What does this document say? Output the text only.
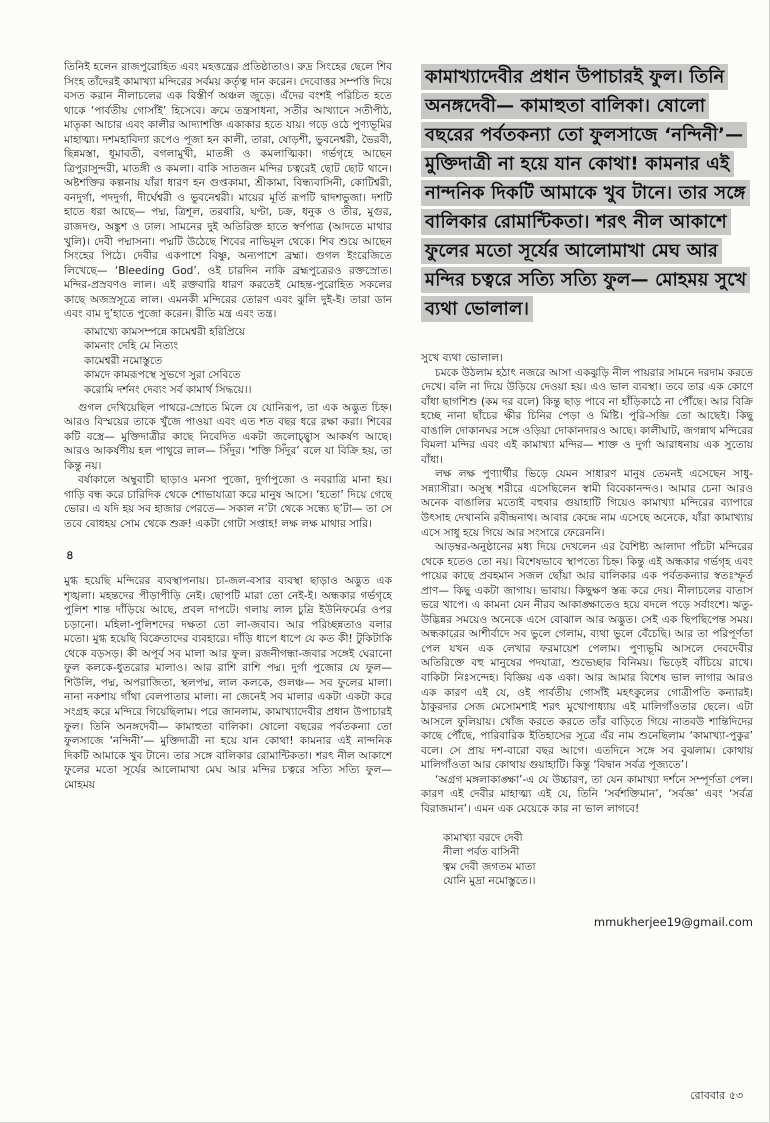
তিনিই হলেন রাজপুরোহিত এবং মহত্তন্ত্রের প্রতিষ্ঠাতাও। রুদ্র সিংহের ছেলে শিব সিংহ তাঁদেরই কামাখ্যা মন্দিরের সর্বময় কর্তৃত্ব দান করেন। দেবোত্তর সম্পত্তি দিয়ে বসত করান নীলাচলের এক বিস্তীর্ণ অঞ্চল জুড়ে। এঁদের বংশই পরিচিত হতে থাকে ‘পার্বতীয় গোসাঁই’ হিসেবে। ক্রমে তন্ত্রসাধনা, সতীর আখ্যানে সতীপীঠ, মাতৃকা আচার এবং কালীর আদ্যাশক্তি একাকার হতে যায়। গড়ে ওঠে পুণ্যভূমির মাহাত্ম্য। দশমহাবিদ্যা রূপেও পূজা হন কালী, তারা, ষোড়শী, ভুবনেশ্বরী, ভৈরবী, ছিন্নমস্তা, ধূমাবতী, বগলামুখী, মাতঙ্গী ও কমলাত্মিকা। গর্ভগৃহে আছেন ত্রিপুরাসুন্দরী, মাতঙ্গী ও কমলা। বাকি সাতজন মন্দির চত্বরেই ছোট ছোট থানে। অষ্টশক্তির কল্পনায় যাঁরা ধারণ হন গুপ্তকামা, শ্রীকামা, বিন্ধ্যবাসিনী, কোটিশ্বরী, বনদুর্গা, পদদুর্গা, দীর্ঘেশ্বরী ও ভুবনেশ্বরী। মায়ের মূর্তি রূপটি দ্বাদশভুজা। দশটি হাতে ধরা আছে— পদ্ম, ত্রিশূল, তরবারি, ঘণ্টা, চক্র, ধনুক ও তীর, মুগুর, রাজদণ্ড, অঙ্কুশ ও ঢাল। সামনের দুই অতিরিক্ত হাতে স্বর্ণপাত্র (আদতে মাথার খুলি)। দেবী পদ্মাসনা। পদ্মটি উঠেছে শিবের নাভিমূল থেকে। শিব শুয়ে আছেন সিংহের পিঠে। দেবীর একপাশে বিষ্ণু, অন্যপাশে ব্রহ্মা। গুগল ইংরেজিতে লিখেছে— ‘Bleeding God’. ওই চারদিন নাকি ব্রহ্মপুত্রেরও রক্তস্রোত। মন্দির-প্রস্রবণও লাল। এই রক্তবারি ধারণ করতেই মোহন্ত-পুরোহিত সকলের কাছে অজস্রসূত্রে লাল। এমনকী মন্দিরের তোরণ এবং ঝুলি দুই-ই। তারা ডান এবং বাম দু’হাতে পুজো করেন। রীতি মন্ত্র এবং তন্ত্র।

কামাখ্যে কামসম্পন্নে কামেশ্বরী হরিপ্রিয়ে
কামনাং দেহি মে নিত্যং
কামেশ্বরী নমোস্তুতে
কামদে কামরূপস্থে সুভগে সুরা সেবিতে
করোমি দর্শনং দেব্যং সর্ব কামার্থ সিদ্ধয়ে।।

গুগল দেখিয়েছিল পাথরে-স্রোতে মিলে যে যোনিরূপ, তা এক অদ্ভুত চিহ্ন। আরও বিস্ময়ের তাকে খুঁজে পাওয়া এবং এত শত বছর ধরে রক্ষা করা। শিবের কটি বস্ত্রে— মুক্তিদাত্রীর কাছে নিবেদিত একটা জলোচ্ছ্বাস আকর্ষণ আছে। আরও আকর্ষণীয় হল পাথুরে লাল— সিঁদুর। ‘শক্তি সিঁদুর’ বলে যা বিক্রি হয়, তা কিন্তু নয়।

বর্ষাকালে অম্বুবাচী ছাড়াও মনসা পুজো, দুর্গাপুজো ও নবরাত্রি মানা হয়। গাড়ি বন্ধ করে চারিদিক থেকে শোভাযাত্রা করে মানুষ আসে। ‘হতো’ দিয়ে গেছে ভোর। এ যদি হয় সব হাজার পেরতে— সকাল ন’টা থেকে সন্ধ্যে ছ’টা— তা সে তবে বোধহয় সোম থেকে শুক্র! একটা গোটা সপ্তাহ! লক্ষ লক্ষ মাথার সারি।

৪

মুগ্ধ হয়েছি মন্দিরের ব্যবস্থাপনায়। চা-জল-বসার ব্যবস্থা ছাড়াও অদ্ভুত এক শৃঙ্খলা। মহন্তদের পীড়াপীড়ি নেই। ছোপটি মারা তো নেই-ই। অন্ধকার গর্ভগৃহে পুলিশ শান্ত দাঁড়িয়ে আছে, প্রবল দাপটে। গলায় লাল চুন্রি ইউনিফর্মের ওপর চড়ানো। মহিলা-পুলিশদের দক্ষতা তো লা-জবাব। আর পরিচ্ছন্নতাও বলার মতো। মুগ্ধ হয়েছি বিক্রেতাদের ব্যবহারে। দাঁড়ি ধাপে ধাপে যে কত কী! টুকিটাকি থেকে বড়সড়। কী অপূর্ব সব মালা আর ফুল। রজনীগন্ধা-জবার সঙ্গেই ঘেরানো ফুল কলকে-ধুতরোর মালাও। আর রাশি রাশি পদ্ম। দুর্গা পুজোর যে ফুল— শিউলি, পদ্ম, অপরাজিতা, স্থলপদ্ম, লাল কলকে, গুলঞ্চ— সব ফুলের মালা। নানা নকশায় গাঁথা বেলপাতার মালা। না জেনেই সব মালার একটা একটা করে সংগ্রহ করে মন্দিরে গিয়েছিলাম। পরে জানলাম, কামাখ্যাদেবীর প্রধান উপাচারই ফুল। তিনি অনঙ্গদেবী— কামাহুতা বালিকা। ষোলো বছরের পর্বতকন্যা তো ফুলসাজে ‘নন্দিনী’— মুক্তিদাত্রী না হয়ে যান কোথা! কামনার এই নান্দনিক দিকটি আমাকে খুব টানে। তার সঙ্গে বালিকার রোমান্টিকতা। শরৎ নীল আকাশে ফুলের মতো সূর্যের আলোমাখা মেঘ আর মন্দির চত্বরে সত্যি সত্যি ফুল— মোহময়

কামাখ্যাদেবীর প্রধান উপাচারই ফুল। তিনি অনঙ্গদেবী— কামাহুতা বালিকা। ষোলো বছরের পর্বতকন্যা তো ফুলসাজে ‘নন্দিনী’— মুক্তিদাত্রী না হয়ে যান কোথা! কামনার এই নান্দনিক দিকটি আমাকে খুব টানে। তার সঙ্গে বালিকার রোমান্টিকতা। শরৎ নীল আকাশে ফুলের মতো সূর্যের আলোমাখা মেঘ আর মন্দির চত্বরে সত্যি সত্যি ফুল— মোহময় সুখে ব্যথা ভোলাল।

সুখে ব্যথা ভোলাল।

চমকে উঠলাম হঠাৎ নজরে আসা একঝুড়ি নীল পায়রার সামনে দরদাম করতে দেখে। বলি না দিয়ে উড়িয়ে দেওয়া হয়। এও ভাল ব্যবস্থা। তবে তার এক কোণে বাঁধা ছাগশিশু (কম দর বলে) কিন্তু ছাড় পাবে না হাঁড়িকাঠে না পৌঁছে। আর বিক্রি হচ্ছে নানা ছাঁচের ক্ষীর চিনির পেড়া ও মিষ্টি। পুরি-সব্জি তো আছেই। কিছু বাঙালি দোকানঘর সঙ্গে ওড়িয়া দোকানদারও আছে। কালীঘাট, জগন্নাথ মন্দিরের বিমলা মন্দির এবং এই কামাখ্যা মন্দির— শাক্ত ও দুর্গা আরাধনায় এক সুতোয় বাঁধা।

লক্ষ লক্ষ পুণ্যার্থীর ভিড়ে যেমন সাধারণ মানুষ তেমনই এসেছেন সাধু-সন্ন্যাসীরা। অসুস্থ শরীরে এসেছিলেন স্বামী বিবেকানন্দও। আমার চেনা আরও অনেক বাঙালির মতোই বহুবার গুয়াহাটি গিয়েও কামাখ্যা মন্দিরের ব্যাপারে উৎসাহ দেখাননি রবীন্দ্রনাথ। আবার কেন্দ্রে নাম এসেছে অনেকে, যাঁরা কামাখ্যায় এসে সাধু হয়ে গিয়ে আর সংসারে ফেরেননি।

আড়ম্বর-অনুষ্ঠানের মধ্য দিয়ে দেখলেন এর বৈশিষ্ট্য আলাদা পাঁচটা মন্দিরের থেকে হতেও তো নয়। বিশেষভাবে স্থাপত্যে চিহ্ন। কিন্তু এই অন্ধকার গর্ভগৃহ এবং পায়ের কাছে প্রবহমান সজল ছোঁয়া আর বালিকার এক পর্বতকন্যার স্বতঃস্ফূর্ত প্রাণ— কিছু একটা জাগায়। ভাবায়। কিছুক্ষণ স্তব্ধ করে দেয়। নীলাচলের বাতাস ভরে খাপে। এ কামনা যেন নীরব আকাঙ্ক্ষাতেও হয়ে বদলে পড়ে সর্বাংশে। ঋতু-উদ্ভিন্নর সময়েও অনেকে এসে বোঝাল আর অদ্ভুত। সেই এক ছিপছিপেন্ত সময়। অন্ধকারের আশীর্বাদে সব ভুলে গেলাম, ব্যথা ভুলে বেঁচেছি। আর তা পরিপূর্ণতা পেল যখন এক লেখার ফরমায়েশ পেলাম। পুণ্যভূমি আসলে দেবদেবীর অতিরিক্তে বহু মানুষের পদযাত্রা, শুভেচ্ছার বিনিময়। ভিড়েই বাঁচিয়ে রাখে। বাকিটা নিঃসন্দেহ। বিজ্ঞিয় এক একা। আর আমার বিশেষ ভাল লাগার আরও এক কারণ এই যে, ওই পার্বতীয় গোসাঁই মহৎকুলের গোত্রীপতি কন্যারই। ঠাকুরদার সেজ মেসোমশাই শরৎ মুখোপাধ্যায় এই মালিগাঁওতার ছেলে। এটা আসলে ফুলিয়ায়। খোঁজ করতে করতে তাঁর বাড়িতে গিয়ে নাতবউ শান্তিদিদের কাছে পৌঁছে, পারিবারিক ইতিহাসের সূত্রে এঁর নাম শুনেছিলাম ‘কামাখ্যা-পুকুর’ বলে। সে প্রায় দশ-বারো বছর আগে। এতদিনে সঙ্গে সব বুঝলাম। কোথায় মালিগাঁওতা আর কোথায় গুয়াহাটি। কিন্তু ‘বিদ্বান সর্বত্র পূজ্যতে’।

‘অগ্রগ মঙ্গলাকাঙ্ক্ষা’-এ যে উচ্চারণ, তা যেন কামাখ্যা দর্শনে সম্পূর্ণতা পেল। কারণ এই দেবীর মাহাত্ম্য এই যে, তিনি ‘সর্বশক্তিমান’, ‘সর্বজ্ঞ’ এবং ‘সর্বত্র বিরাজমান’। এমন এক মেয়েকে কার না ভাল লাগবে!

কামাখ্যা বরদে দেবী
নীলা পর্বত বাসিনী
ত্বম দেবী জগতম মাতা
যোনি মুদ্রা নমোস্তুতে।।
mmukherjee19@gmail.com
রোববার ৫৩
